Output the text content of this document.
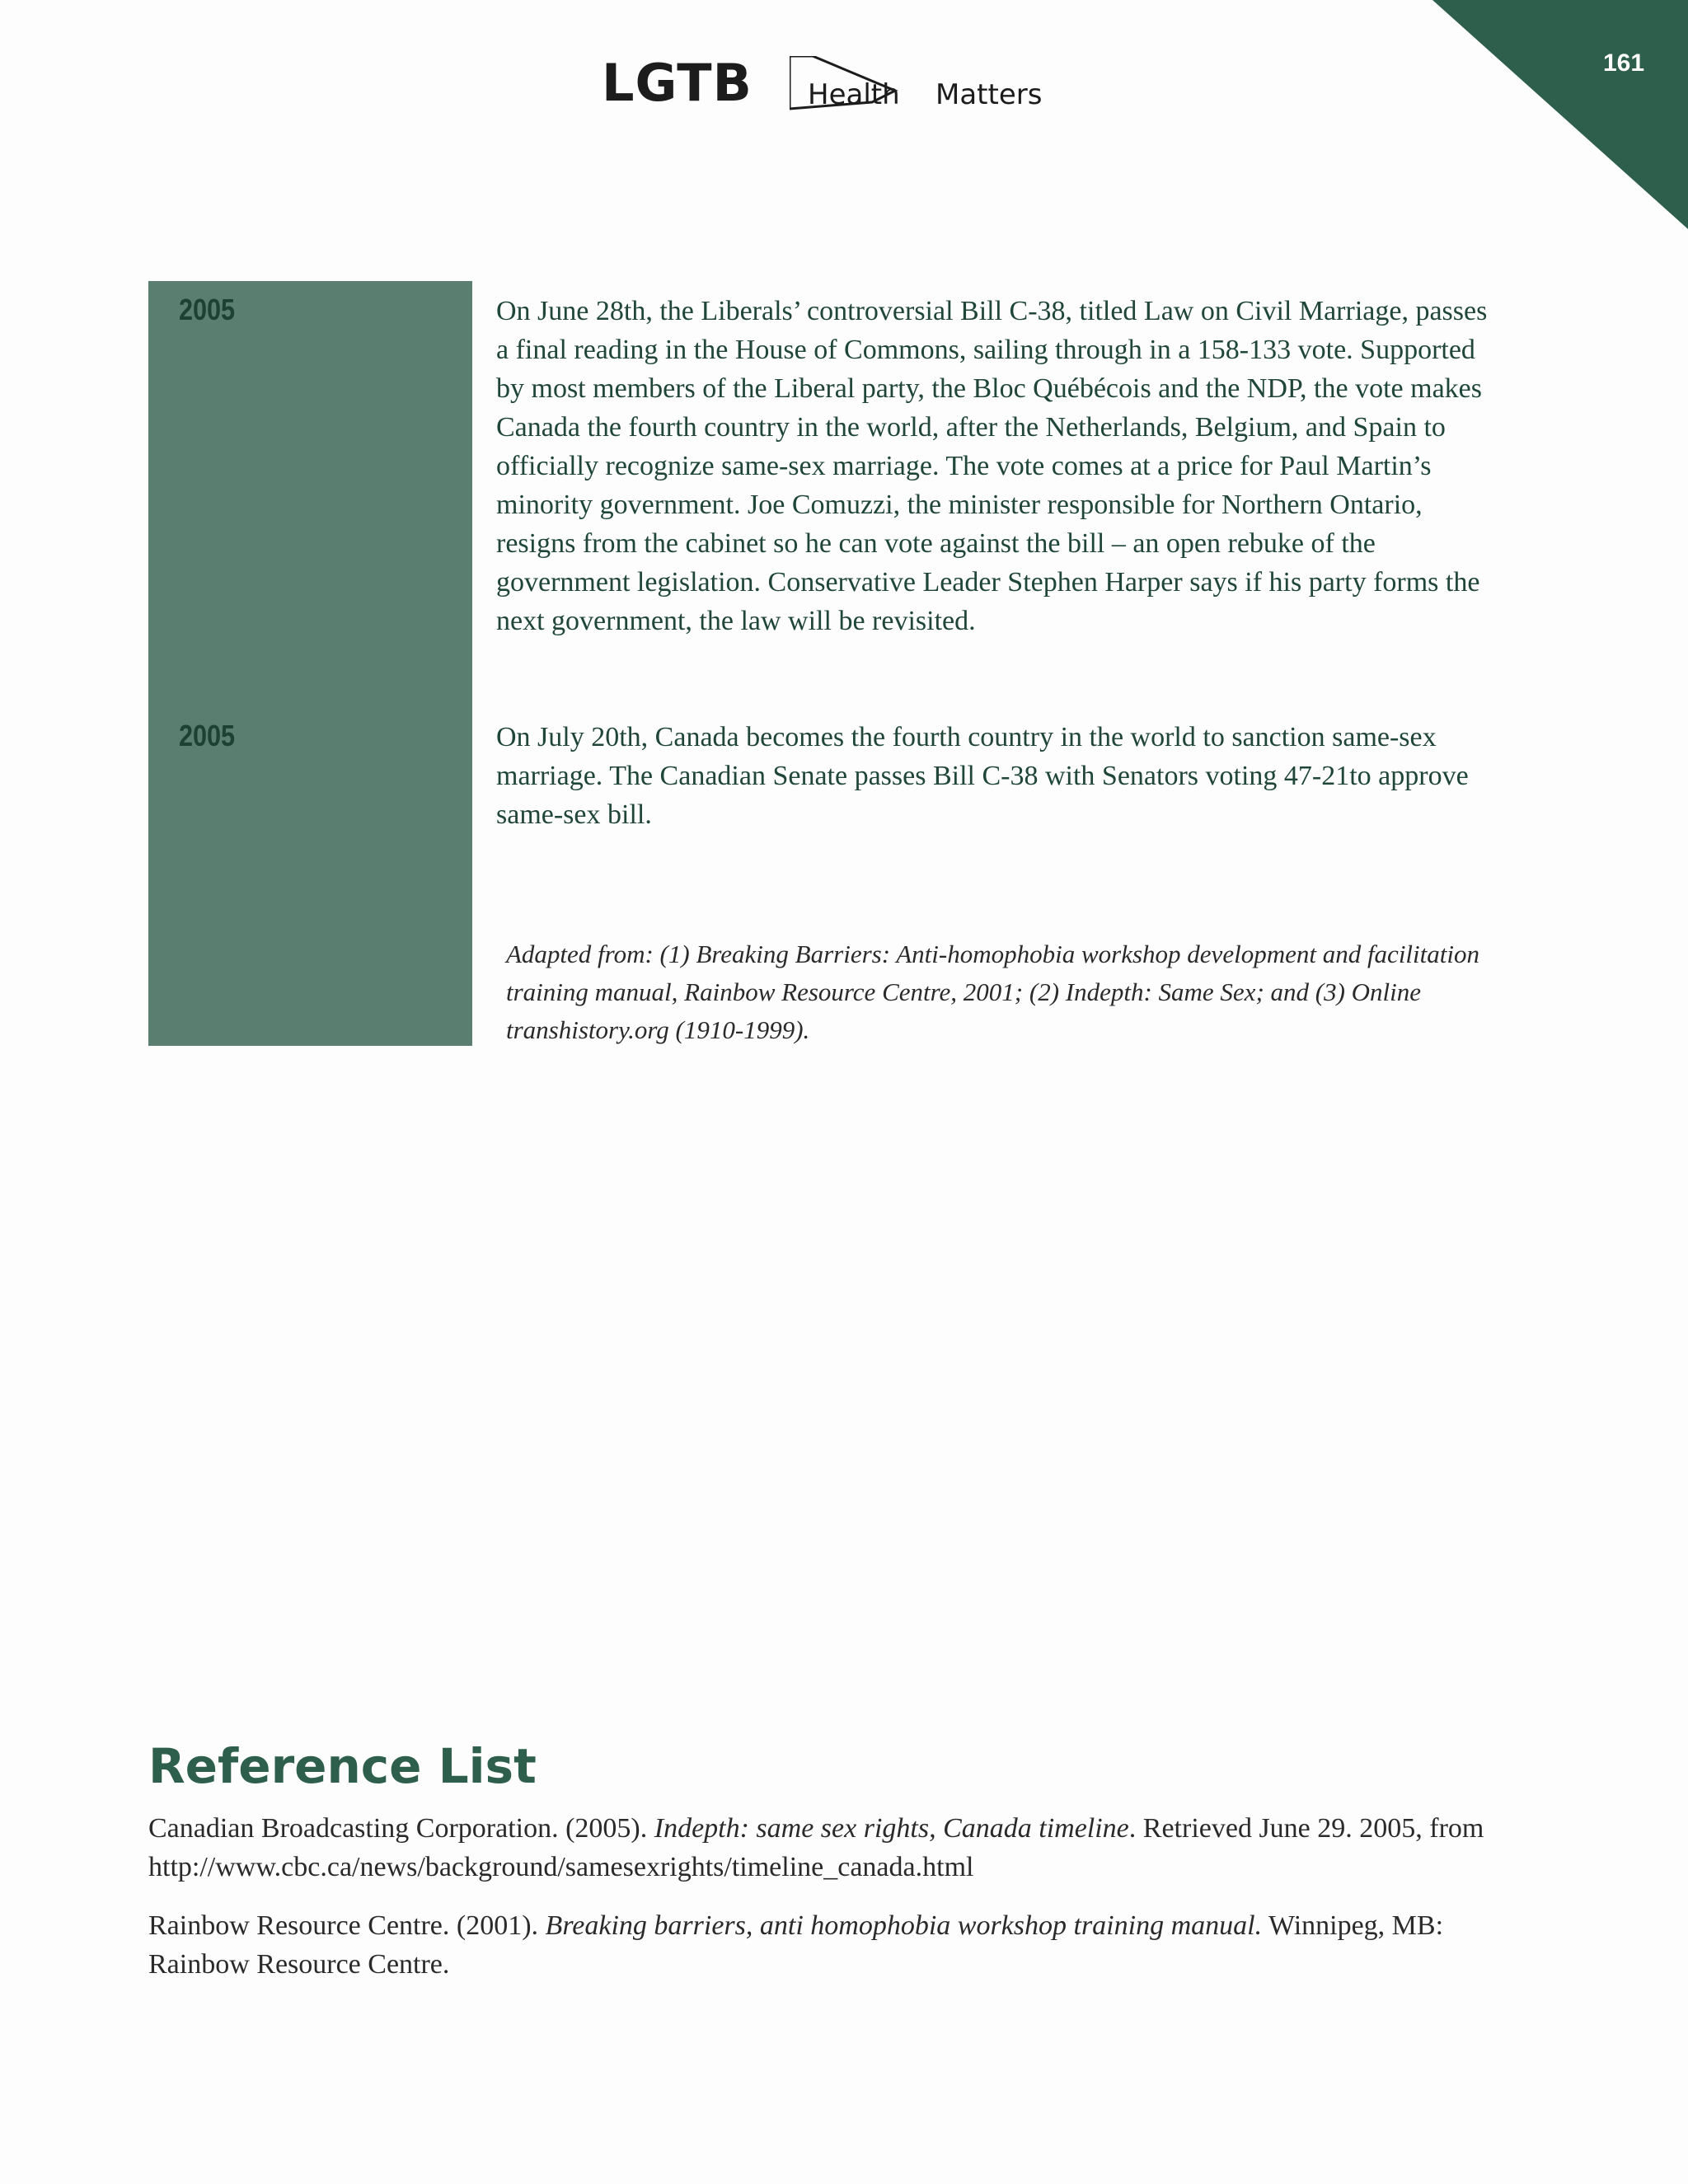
LGTB Health Matters
161
2005	On June 28th, the Liberals’ controversial Bill C-38, titled Law on Civil Marriage, passes a final reading in the House of Commons, sailing through in a 158-133 vote. Supported by most members of the Liberal party, the Bloc Québécois and the NDP, the vote makes Canada the fourth country in the world, after the Netherlands, Belgium, and Spain to officially recognize same-sex marriage. The vote comes at a price for Paul Martin’s minority government. Joe Comuzzi, the minister responsible for Northern Ontario, resigns from the cabinet so he can vote against the bill – an open rebuke of the government legislation. Conservative Leader Stephen Harper says if his party forms the next government, the law will be revisited.

2005	On July 20th, Canada becomes the fourth country in the world to sanction same-sex marriage. The Canadian Senate passes Bill C-38 with Senators voting 47-21to approve same-sex bill.

Adapted from: (1) Breaking Barriers: Anti-homophobia workshop development and facilitation training manual, Rainbow Resource Centre, 2001; (2) Indepth: Same Sex; and (3) Online transhistory.org (1910-1999).

Reference List

Canadian Broadcasting Corporation. (2005). Indepth: same sex rights, Canada timeline. Retrieved June 29. 2005, from http://www.cbc.ca/news/background/samesexrights/timeline_canada.html

Rainbow Resource Centre. (2001). Breaking barriers, anti homophobia workshop training manual. Winnipeg, MB: Rainbow Resource Centre.
